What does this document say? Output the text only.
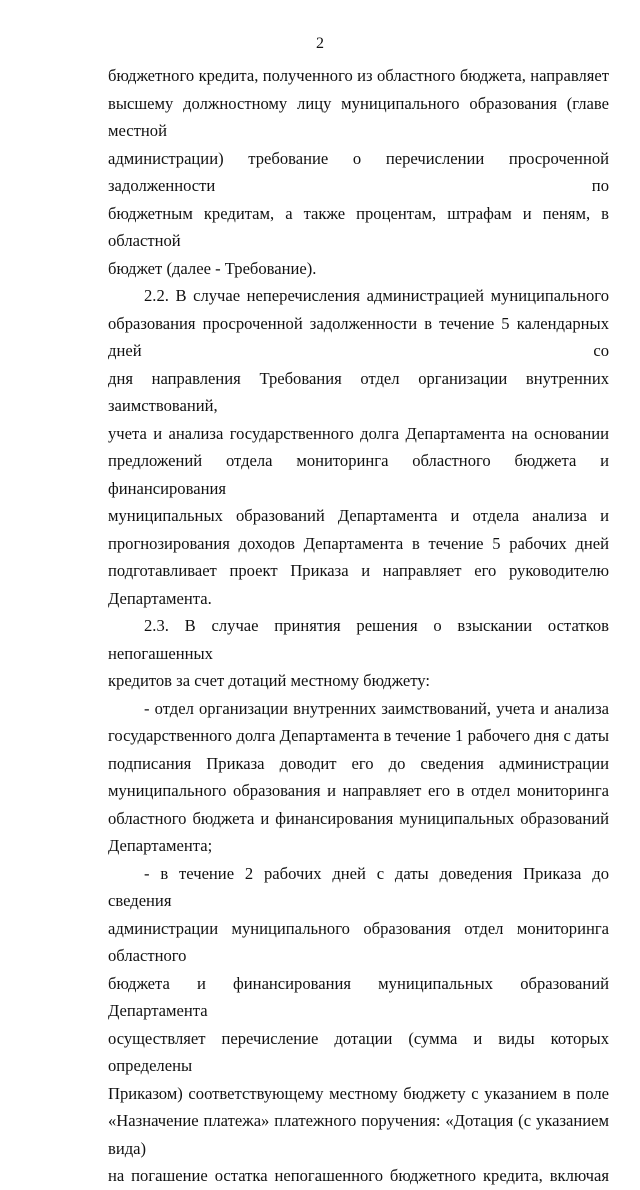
2

бюджетного кредита, полученного из областного бюджета, направляет

высшему должностному лицу муниципального образования (главе местной

администрации) требование о перечислении просроченной задолженности по

бюджетным кредитам, а также процентам, штрафам и пеням, в областной

бюджет (далее - Требование).

2.2. В случае неперечисления администрацией муниципального

образования просроченной задолженности в течение 5 календарных дней со

дня направления Требования отдел организации внутренних заимствований,

учета и анализа государственного долга Департамента на основании

предложений отдела мониторинга областного бюджета и финансирования

муниципальных образований Департамента и отдела анализа и

прогнозирования доходов Департамента в течение 5 рабочих дней

подготавливает проект Приказа и направляет его руководителю

Департамента.

2.3. В случае принятия решения о взыскании остатков непогашенных

кредитов за счет дотаций местному бюджету:

- отдел организации внутренних заимствований, учета и анализа

государственного долга Департамента в течение 1 рабочего дня с даты

подписания Приказа доводит его до сведения администрации

муниципального образования и направляет его в отдел мониторинга

областного бюджета и финансирования муниципальных образований

Департамента;

- в течение 2 рабочих дней с даты доведения Приказа до сведения

администрации муниципального образования отдел мониторинга областного

бюджета и финансирования муниципальных образований Департамента

осуществляет перечисление дотации (сумма и виды которых определены

Приказом) соответствующему местному бюджету с указанием в поле

«Назначение платежа» платежного поручения: «Дотация (с указанием вида)

на погашение остатка непогашенного бюджетного кредита, включая
